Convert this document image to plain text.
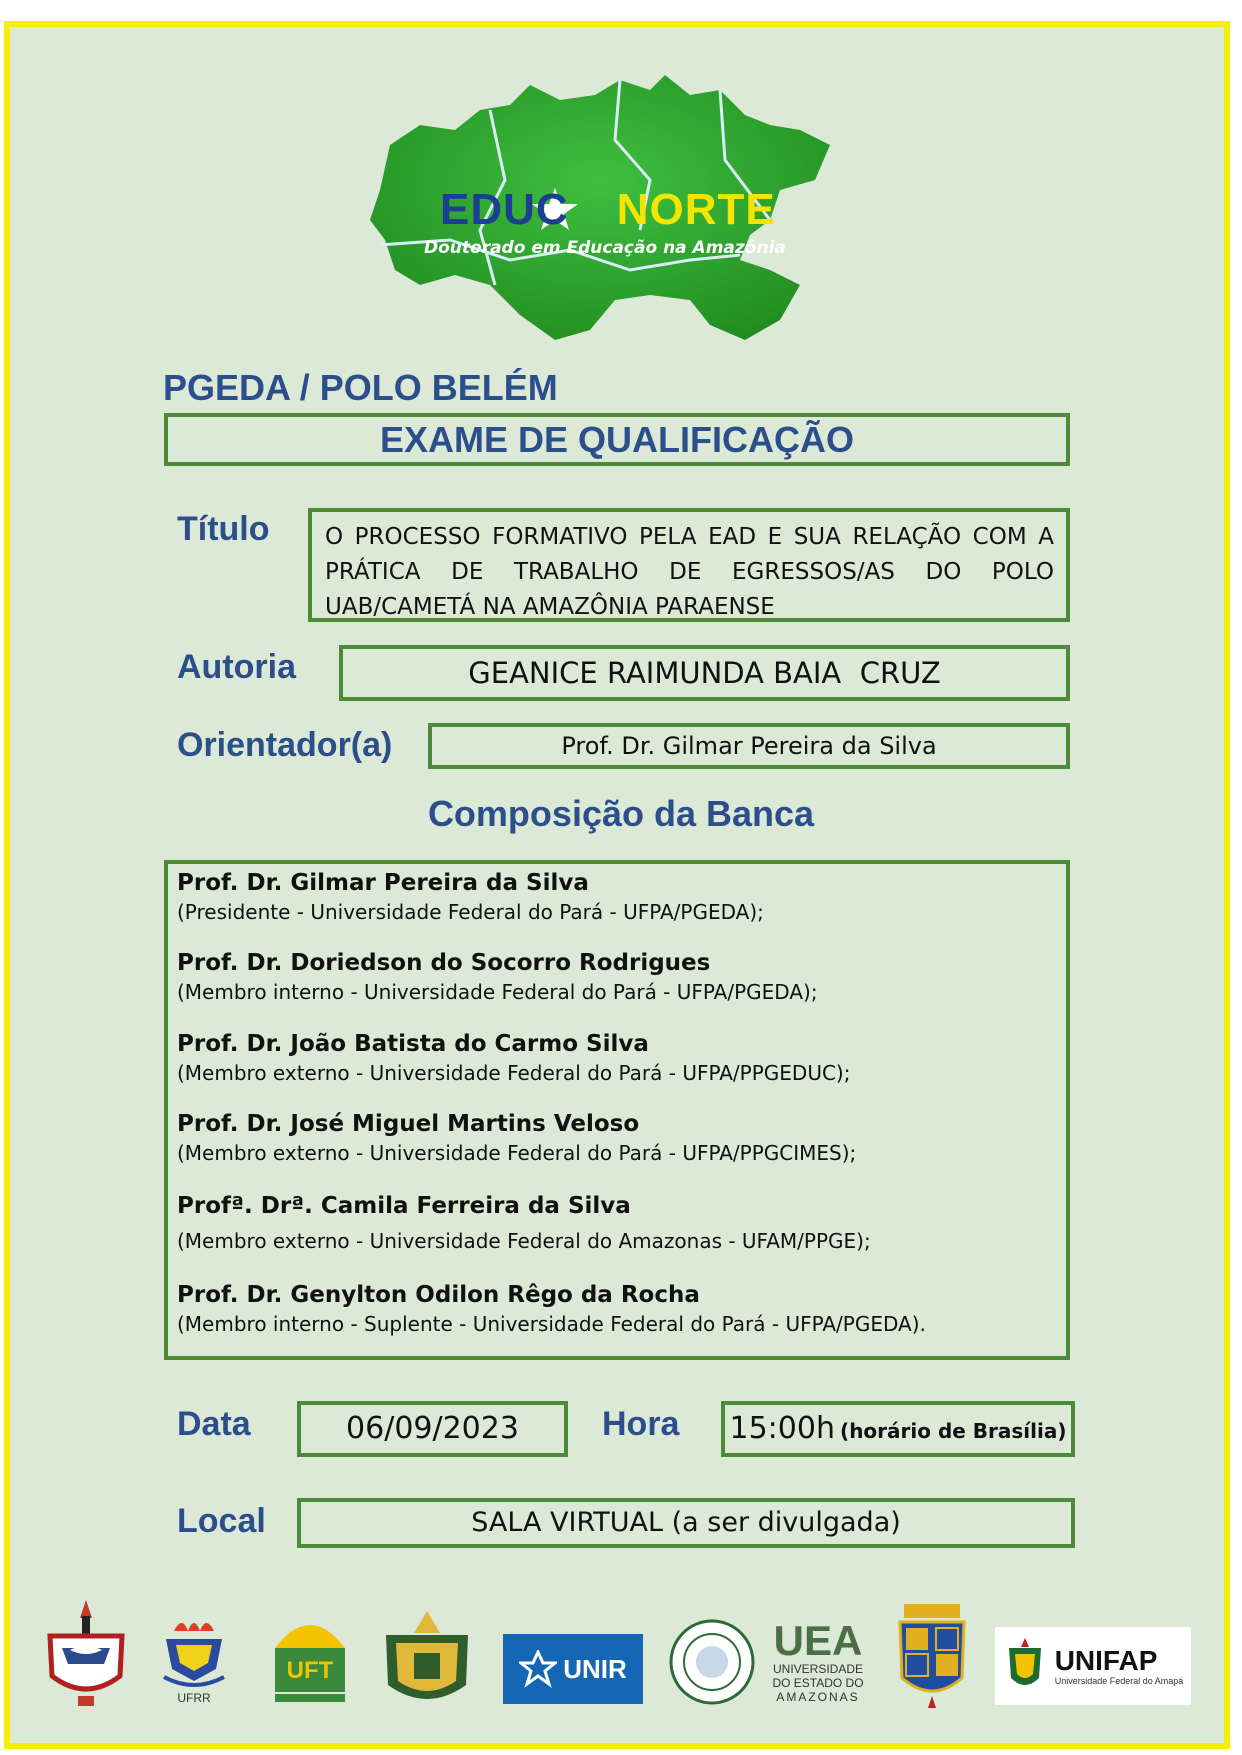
EDUC NORTE
Doutorado em Educação na Amazônia
PGEDA / POLO BELÉM
EXAME DE QUALIFICAÇÃO
Título	O PROCESSO FORMATIVO PELA EAD E SUA RELAÇÃO COM A PRÁTICA DE TRABALHO DE EGRESSOS/AS DO POLO UAB/CAMETÁ NA AMAZÔNIA PARAENSE
Autoria	GEANICE RAIMUNDA BAIA  CRUZ
Orientador(a)	Prof. Dr. Gilmar Pereira da Silva
Composição da Banca

Prof. Dr. Gilmar Pereira da Silva

(Presidente - Universidade Federal do Pará - UFPA/PGEDA);

Prof. Dr. Doriedson do Socorro Rodrigues

(Membro interno - Universidade Federal do Pará - UFPA/PGEDA);

Prof. Dr. João Batista do Carmo Silva

(Membro externo - Universidade Federal do Pará - UFPA/PPGEDUC);

Prof. Dr. José Miguel Martins Veloso

(Membro externo - Universidade Federal do Pará - UFPA/PPGCIMES);

Profª. Drª. Camila Ferreira da Silva

(Membro externo - Universidade Federal do Amazonas - UFAM/PPGE);

Prof. Dr. Genylton Odilon Rêgo da Rocha

(Membro interno - Suplente - Universidade Federal do Pará - UFPA/PGEDA).

Data	06/09/2023	Hora 15:00h (horário de Brasília)
Local	SALA VIRTUAL (a ser divulgada)
UFRR
UFT	UNIR
UEA
UNIVERSIDADE
DO ESTADO DO
AMAZONAS
UNIFAP
Universidade Federal do Amapá
